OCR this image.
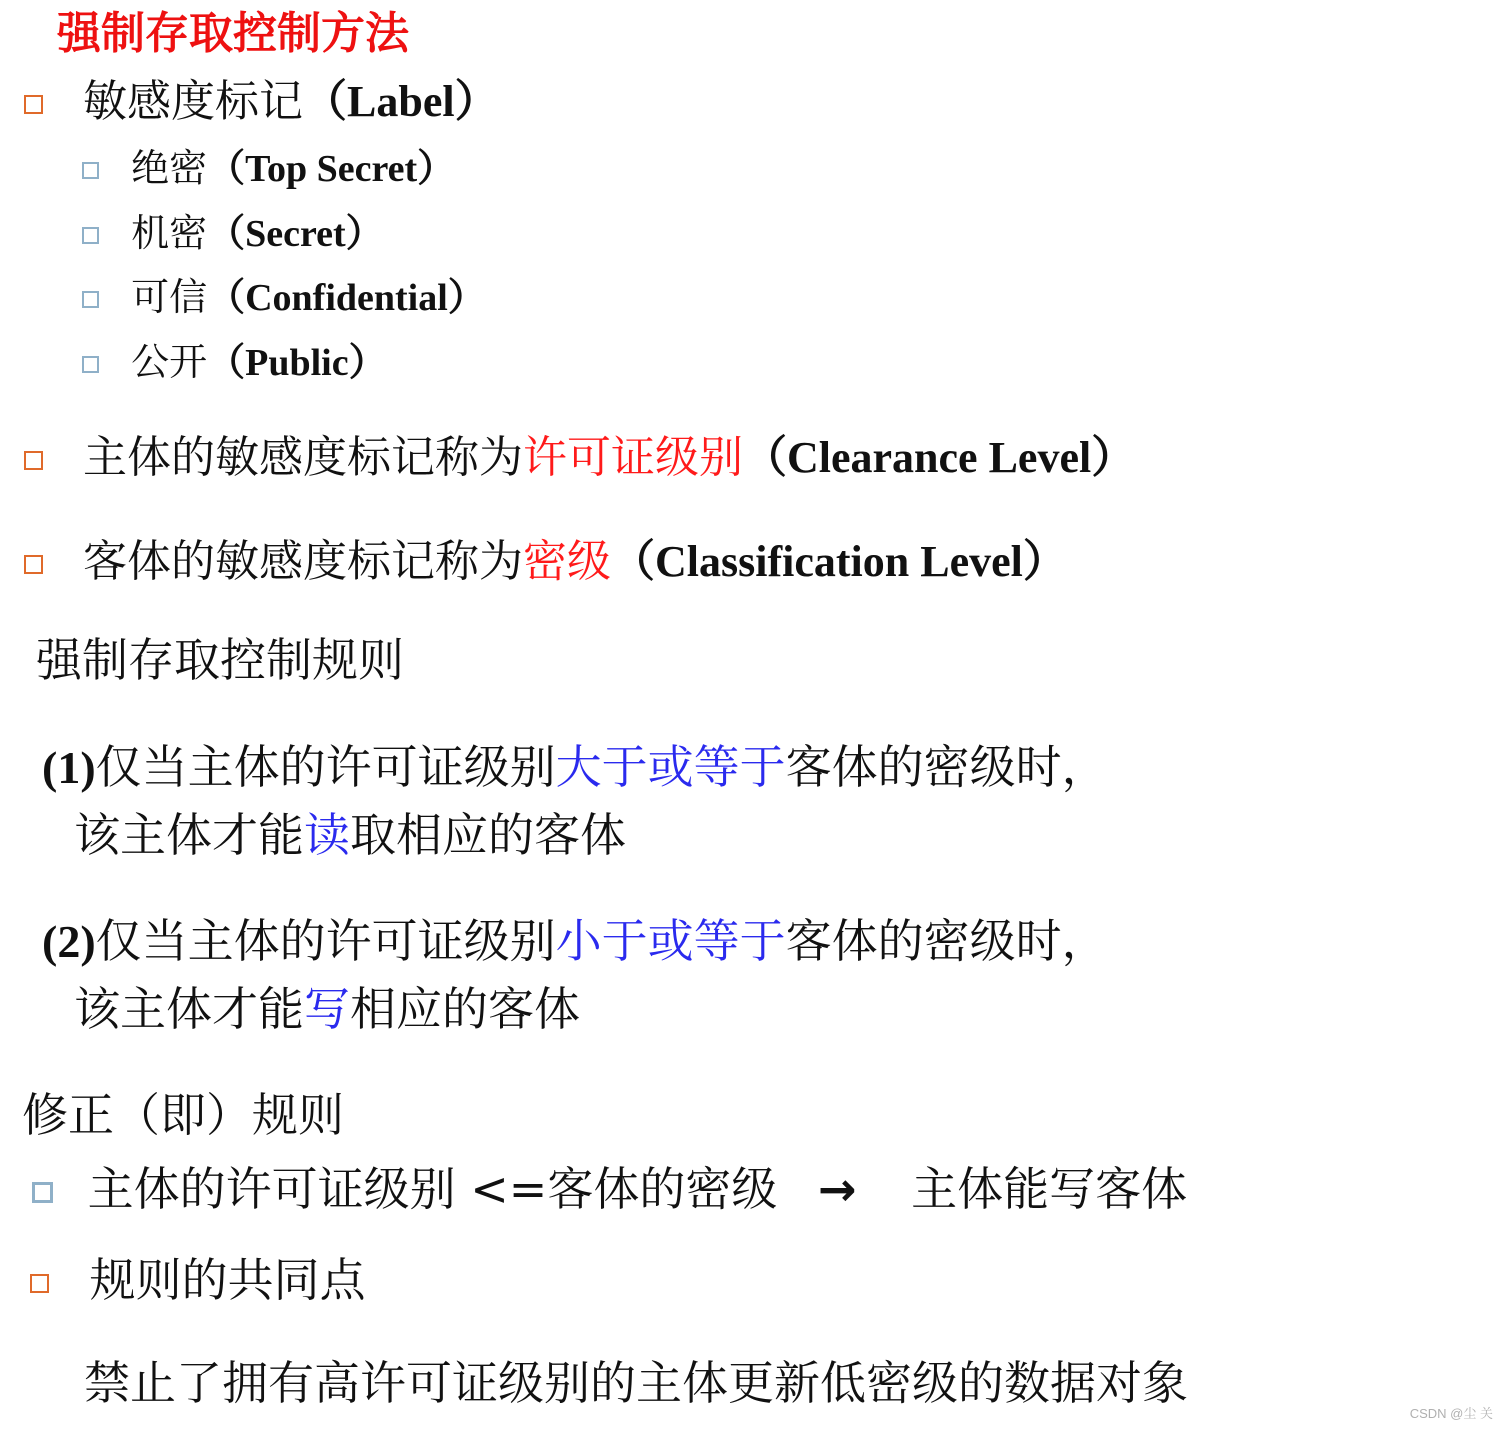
强制存取控制方法
敏感度标记（Label）
绝密（Top Secret）
机密（Secret）
可信（Confidential）
公开（Public）
主体的敏感度标记称为许可证级别（Clearance Level）
客体的敏感度标记称为密级（Classification Level）
强制存取控制规则
(1)仅当主体的许可证级别大于或等于客体的密级时，
该主体才能读取相应的客体
(2)仅当主体的许可证级别小于或等于客体的密级时，
该主体才能写相应的客体
修正（即）规则
主体的许可证级别 <=客体的密级 → 主体能写客体
规则的共同点
禁止了拥有高许可证级别的主体更新低密级的数据对象
CSDN @尘 关
